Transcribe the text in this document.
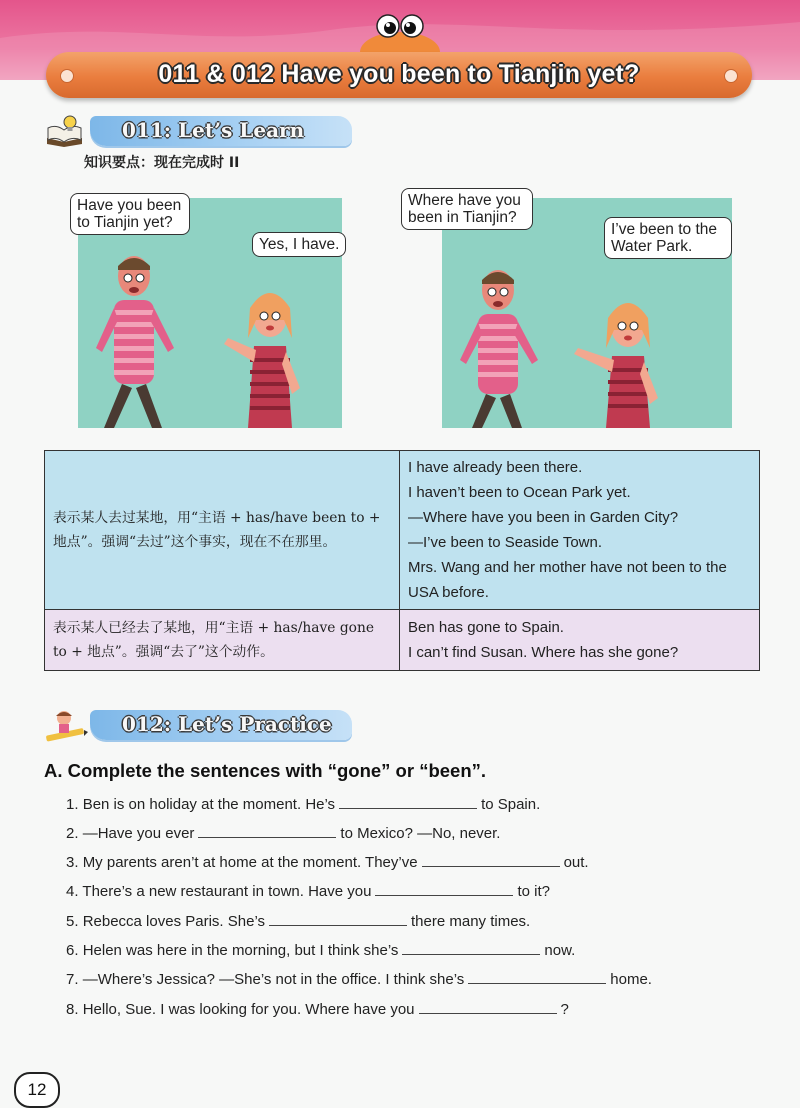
011 & 012 Have you been to Tianjin yet?
011: Let’s Learn
知识要点：现在完成时 II
Have you been
to Tianjin yet?
Yes, I have.
Where have you
been in Tianjin?
I’ve been to the
Water Park.
表示某人去过某地，用“主语 + has/have been to + 地点”。强调“去过”这个事实，现在不在那里。	I have already been there.
I haven’t been to Ocean Park yet.
—Where have you been in Garden City?
—I’ve been to Seaside Town.
Mrs. Wang and her mother have not been to the USA before.

表示某人已经去了某地，用“主语 + has/have gone to + 地点”。强调“去了”这个动作。	Ben has gone to Spain.
I can’t find Susan. Where has she gone?
012: Let’s Practice
A. Complete the sentences with “gone” or “been”.
1. Ben is on holiday at the moment. He’s	to Spain.
2. —Have you ever	to Mexico? —No, never.
3. My parents aren’t at home at the moment. They’ve	out.
4. There’s a new restaurant in town. Have you	to it?
5. Rebecca loves Paris. She’s	there many times.
6. Helen was here in the morning, but I think she’s	now.
7. —Where’s Jessica? —She’s not in the office. I think she’s	home.
8. Hello, Sue. I was looking for you. Where have you	?
12
